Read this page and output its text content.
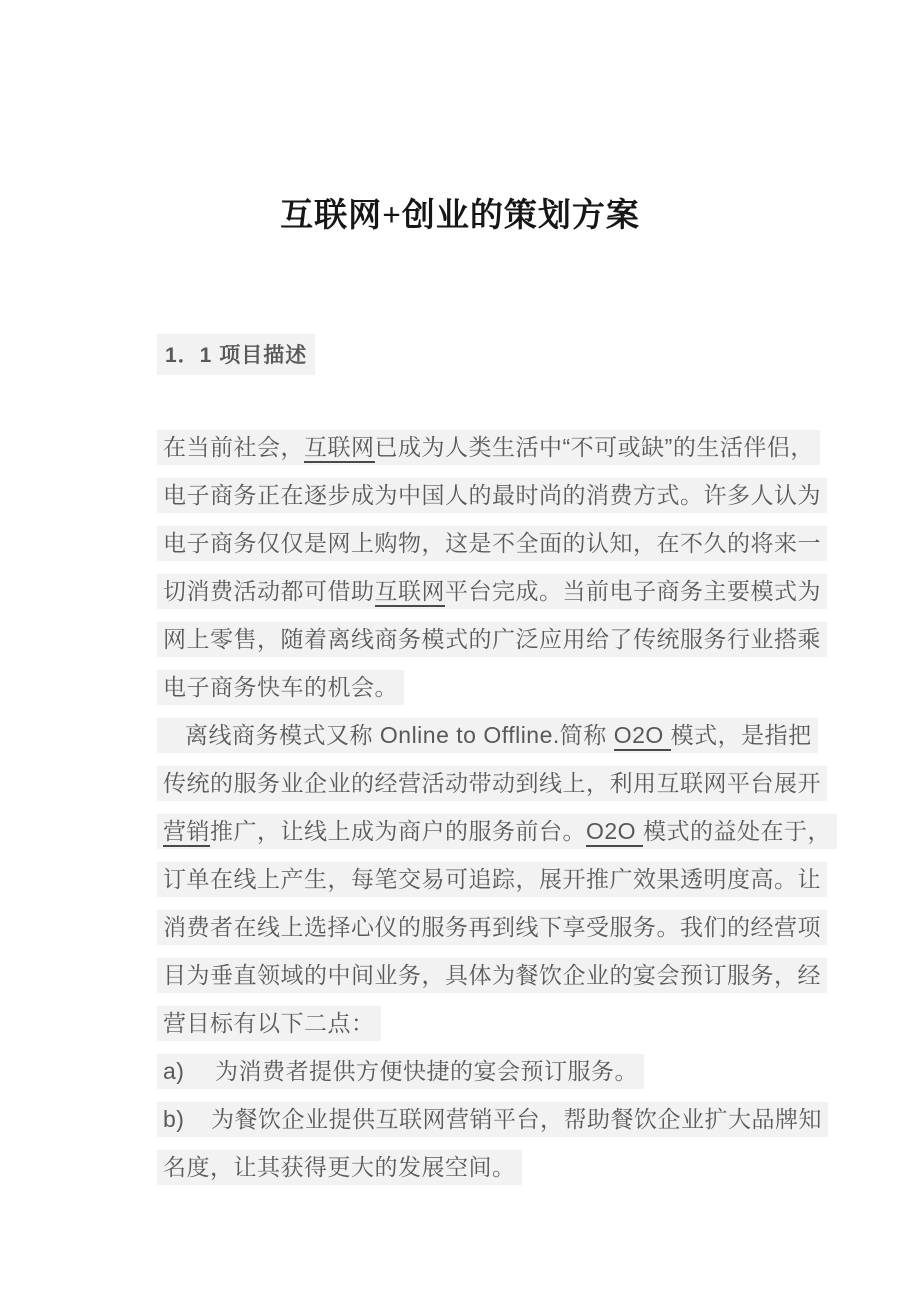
互联网+创业的策划方案
1．1 项目描述
在当前社会，互联网已成为人类生活中“不可或缺”的生活伴侣，
电子商务正在逐步成为中国人的最时尚的消费方式。许多人认为
电子商务仅仅是网上购物，这是不全面的认知，在不久的将来一
切消费活动都可借助互联网平台完成。当前电子商务主要模式为
网上零售，随着离线商务模式的广泛应用给了传统服务行业搭乘
电子商务快车的机会。
离线商务模式又称 Online to Offline.简称 O2O 模式，是指把
传统的服务业企业的经营活动带动到线上，利用互联网平台展开
营销推广，让线上成为商户的服务前台。O2O 模式的益处在于，
订单在线上产生，每笔交易可追踪，展开推广效果透明度高。让
消费者在线上选择心仪的服务再到线下享受服务。我们的经营项
目为垂直领域的中间业务，具体为餐饮企业的宴会预订服务，经
营目标有以下二点：
a) 为消费者提供方便快捷的宴会预订服务。
b) 为餐饮企业提供互联网营销平台，帮助餐饮企业扩大品牌知
名度，让其获得更大的发展空间。
